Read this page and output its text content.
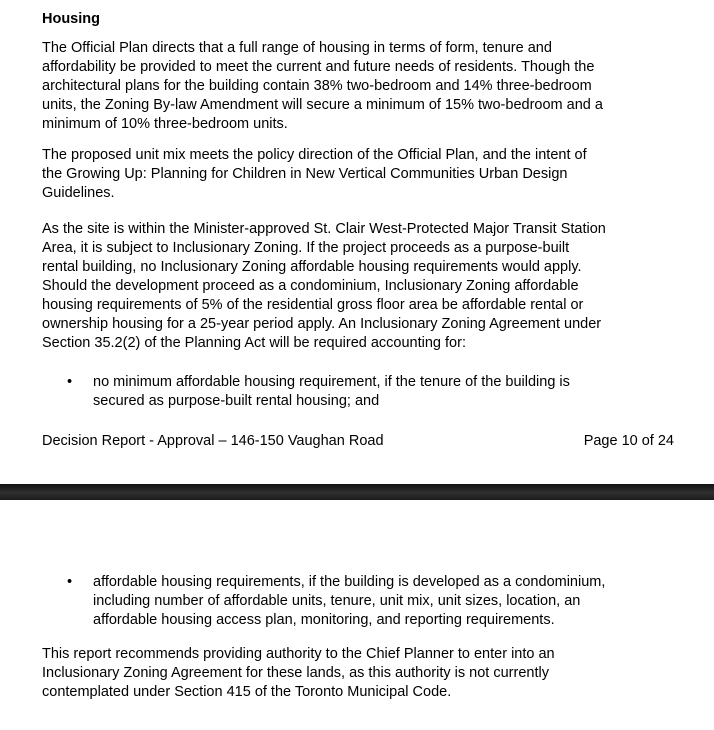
Housing
The Official Plan directs that a full range of housing in terms of form, tenure and
affordability be provided to meet the current and future needs of residents. Though the
architectural plans for the building contain 38% two-bedroom and 14% three-bedroom
units, the Zoning By-law Amendment will secure a minimum of 15% two-bedroom and a
minimum of 10% three-bedroom units.
The proposed unit mix meets the policy direction of the Official Plan, and the intent of
the Growing Up: Planning for Children in New Vertical Communities Urban Design
Guidelines.
As the site is within the Minister-approved St. Clair West-Protected Major Transit Station
Area, it is subject to Inclusionary Zoning. If the project proceeds as a purpose-built
rental building, no Inclusionary Zoning affordable housing requirements would apply.
Should the development proceed as a condominium, Inclusionary Zoning affordable
housing requirements of 5% of the residential gross floor area be affordable rental or
ownership housing for a 25-year period apply. An Inclusionary Zoning Agreement under
Section 35.2(2) of the Planning Act will be required accounting for:
•	no minimum affordable housing requirement, if the tenure of the building is
secured as purpose-built rental housing; and
Decision Report - Approval – 146-150 Vaughan Road	Page 10 of 24
•	affordable housing requirements, if the building is developed as a condominium,
including number of affordable units, tenure, unit mix, unit sizes, location, an
affordable housing access plan, monitoring, and reporting requirements.
This report recommends providing authority to the Chief Planner to enter into an
Inclusionary Zoning Agreement for these lands, as this authority is not currently
contemplated under Section 415 of the Toronto Municipal Code.
